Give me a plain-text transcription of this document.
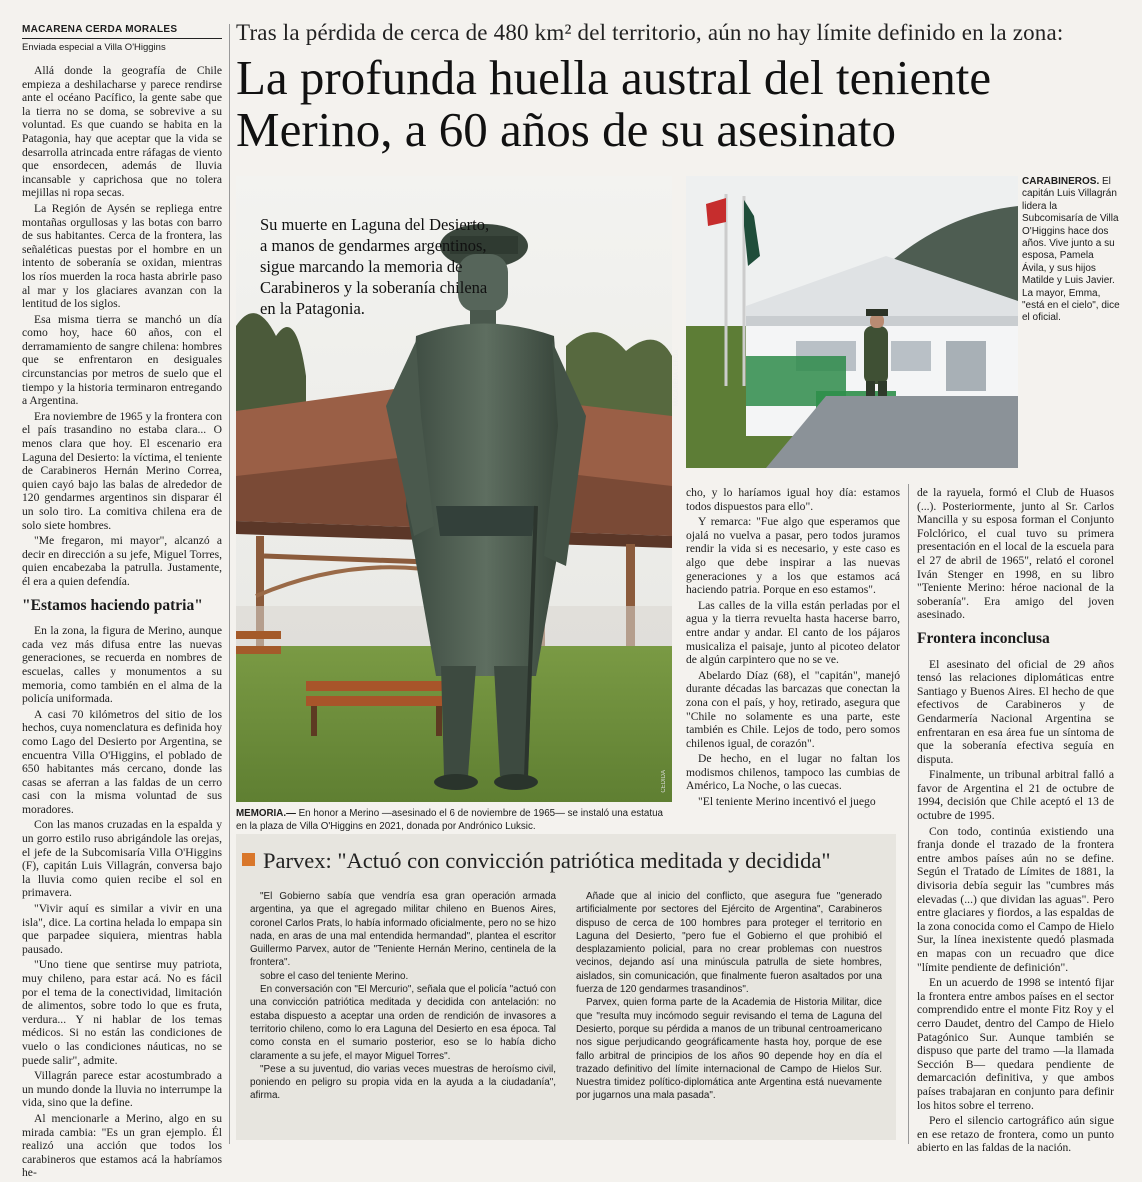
MACARENA CERDA MORALES
Enviada especial a Villa O'Higgins
Tras la pérdida de cerca de 480 km² del territorio, aún no hay límite definido en la zona:
La profunda huella austral del teniente
Merino, a 60 años de su asesinato

Allá donde la geografía de Chile empieza a deshilacharse y parece rendirse ante el océano Pacífico, la gente sabe que la tierra no se doma, se sobrevive a su voluntad. Es que cuando se habita en la Patagonia, hay que aceptar que la vida se desarrolla atrincada entre ráfagas de viento que ensordecen, además de lluvia incansable y caprichosa que no tolera mejillas ni ropa secas.

La Región de Aysén se repliega entre montañas orgullosas y las botas con barro de sus habitantes. Cerca de la frontera, las señaléticas puestas por el hombre en un intento de soberanía se oxidan, mientras los ríos muerden la roca hasta abrirle paso al mar y los glaciares avanzan con la lentitud de los siglos.

Esa misma tierra se manchó un día como hoy, hace 60 años, con el derramamiento de sangre chilena: hombres que se enfrentaron en desiguales circunstancias por metros de suelo que el tiempo y la historia terminaron entregando a Argentina.

Era noviembre de 1965 y la frontera con el país trasandino no estaba clara... O menos clara que hoy. El escenario era Laguna del Desierto: la víctima, el teniente de Carabineros Hernán Merino Correa, quien cayó bajo las balas de alrededor de 120 gendarmes argentinos sin disparar él un solo tiro. La comitiva chilena era de solo siete hombres.

"Me fregaron, mi mayor", alcanzó a decir en dirección a su jefe, Miguel Torres, quien encabezaba la patrulla. Justamente, él era a quien defendía.

"Estamos haciendo patria"

En la zona, la figura de Merino, aunque cada vez más difusa entre las nuevas generaciones, se recuerda en nombres de escuelas, calles y monumentos a su memoria, como también en el alma de la policía uniformada.

A casi 70 kilómetros del sitio de los hechos, cuya nomenclatura es definida hoy como Lago del Desierto por Argentina, se encuentra Villa O'Higgins, el poblado de 650 habitantes más cercano, donde las casas se aferran a las faldas de un cerro casi con la misma voluntad de sus moradores.

Con las manos cruzadas en la espalda y un gorro estilo ruso abrigándole las orejas, el jefe de la Subcomisaría Villa O'Higgins (F), capitán Luis Villagrán, conversa bajo la lluvia como quien recibe el sol en primavera.

"Vivir aquí es similar a vivir en una isla", dice. La cortina helada lo empapa sin que parpadee siquiera, mientras habla pausado.

"Uno tiene que sentirse muy patriota, muy chileno, para estar acá. No es fácil por el tema de la conectividad, limitación de alimentos, sobre todo lo que es fruta, verdura... Y ni hablar de los temas médicos. Si no están las condiciones de vuelo o las condiciones náuticas, no se puede salir", admite.

Villagrán parece estar acostumbrado a un mundo donde la lluvia no interrumpe la vida, sino que la define.

Al mencionarle a Merino, algo en su mirada cambia: "Es un gran ejemplo. Él realizó una acción que todos los carabineros que estamos acá la habríamos he-

Su muerte en Laguna del Desierto, a manos de gendarmes argentinos, sigue marcando la memoria de Carabineros y la soberanía chilena en la Patagonia.
CEDIDA
MEMORIA.— En honor a Merino —asesinado el 6 de noviembre de 1965— se instaló una estatua en la plaza de Villa O'Higgins en 2021, donada por Andrónico Luksic.
MACARENA CERDA
CARABINEROS. El capitán Luis Villagrán lidera la Subcomisaría de Villa O'Higgins hace dos años. Vive junto a su esposa, Pamela Ávila, y sus hijos Matilde y Luis Javier. La mayor, Emma, "está en el cielo", dice el oficial.

cho, y lo haríamos igual hoy día: estamos todos dispuestos para ello".

Y remarca: "Fue algo que esperamos que ojalá no vuelva a pasar, pero todos juramos rendir la vida si es necesario, y este caso es algo que debe inspirar a las nuevas generaciones y a los que estamos acá haciendo patria. Porque en eso estamos".

Las calles de la villa están perladas por el agua y la tierra revuelta hasta hacerse barro, entre andar y andar. El canto de los pájaros musicaliza el paisaje, junto al picoteo delator de algún carpintero que no se ve.

Abelardo Díaz (68), el "capitán", manejó durante décadas las barcazas que conectan la zona con el país, y hoy, retirado, asegura que "Chile no solamente es una parte, este también es Chile. Lejos de todo, pero somos chilenos igual, de corazón".

De hecho, en el lugar no faltan los modismos chilenos, tampoco las cumbias de Américo, La Noche, o las cuecas.

"El teniente Merino incentivó el juego

de la rayuela, formó el Club de Huasos (...). Posteriormente, junto al Sr. Carlos Mancilla y su esposa forman el Conjunto Folclórico, el cual tuvo su primera presentación en el local de la escuela para el 27 de abril de 1965", relató el coronel Iván Stenger en 1998, en su libro "Teniente Merino: héroe nacional de la soberanía". Era amigo del joven asesinado.

Frontera inconclusa

El asesinato del oficial de 29 años tensó las relaciones diplomáticas entre Santiago y Buenos Aires. El hecho de que efectivos de Carabineros y de Gendarmería Nacional Argentina se enfrentaran en esa área fue un síntoma de que la soberanía efectiva seguía en disputa.

Finalmente, un tribunal arbitral falló a favor de Argentina el 21 de octubre de 1994, decisión que Chile aceptó el 13 de octubre de 1995.

Con todo, continúa existiendo una franja donde el trazado de la frontera entre ambos países aún no se define. Según el Tratado de Límites de 1881, la divisoria debía seguir las "cumbres más elevadas (...) que dividan las aguas". Pero entre glaciares y fiordos, a las espaldas de la zona conocida como el Campo de Hielo Sur, la línea inexistente quedó plasmada en mapas con un recuadro que dice "límite pendiente de definición".

En un acuerdo de 1998 se intentó fijar la frontera entre ambos países en el sector comprendido entre el monte Fitz Roy y el cerro Daudet, dentro del Campo de Hielo Patagónico Sur. Aunque también se dispuso que parte del tramo —la llamada Sección B— quedara pendiente de demarcación definitiva, y que ambos países trabajaran en conjunto para definir los hitos sobre el terreno.

Pero el silencio cartográfico aún sigue en ese retazo de frontera, como un punto abierto en las faldas de la nación.

Parvex: "Actuó con convicción patriótica meditada y decidida"

"El Gobierno sabía que vendría esa gran operación armada argentina, ya que el agregado militar chileno en Buenos Aires, coronel Carlos Prats, lo había informado oficialmente, pero no se hizo nada, en aras de una mal entendida hermandad", plantea el escritor Guillermo Parvex, autor de "Teniente Hernán Merino, centinela de la frontera".

sobre el caso del teniente Merino.

En conversación con "El Mercurio", señala que el policía "actuó con una convicción patriótica meditada y decidida con antelación: no estaba dispuesto a aceptar una orden de rendición de invasores a territorio chileno, como lo era Laguna del Desierto en esa época. Tal como consta en el sumario posterior, eso se lo había dicho claramente a su jefe, el mayor Miguel Torres".

"Pese a su juventud, dio varias veces muestras de heroísmo civil, poniendo en peligro su propia vida en la ayuda a la ciudadanía", afirma.

Añade que al inicio del conflicto, que asegura fue "generado artificialmente por sectores del Ejército de Argentina", Carabineros dispuso de cerca de 100 hombres para proteger el territorio en Laguna del Desierto, "pero fue el Gobierno el que prohibió el desplazamiento policial, para no crear problemas con nuestros vecinos, dejando así una minúscula patrulla de siete hombres, aislados, sin comunicación, que finalmente fueron asaltados por una fuerza de 120 gendarmes trasandinos".

Parvex, quien forma parte de la Academia de Historia Militar, dice que "resulta muy incómodo seguir revisando el tema de Laguna del Desierto, porque su pérdida a manos de un tribunal centroamericano nos sigue perjudicando geográficamente hasta hoy, porque de ese fallo arbitral de principios de los años 90 depende hoy en día el trazado definitivo del límite internacional de Campo de Hielos Sur. Nuestra timidez político-diplomática ante Argentina está nuevamente por jugarnos una mala pasada".
